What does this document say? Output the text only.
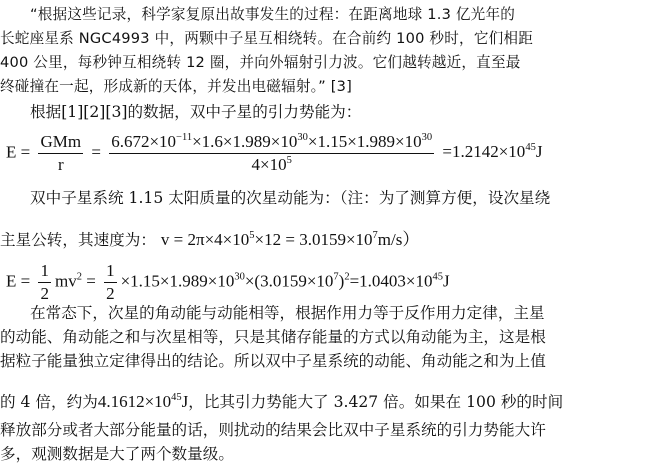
“根据这些记录，科学家复原出故事发生的过程：在距离地球 1.3 亿光年的
长蛇座星系 NGC4993 中，两颗中子星互相绕转。在合前约 100 秒时，它们相距
400 公里，每秒钟互相绕转 12 圈，并向外辐射引力波。它们越转越近，直至最
终碰撞在一起，形成新的天体，并发出电磁辐射。” [3]
根据[1][2][3]的数据，双中子星的引力势能为：
$E = \frac{\text{GMm}}{r} = \frac{6.672\times 10^{-11}\times 1.6\times 1.989\times 10^{30}\times 1.15\times 1.989\times 10^{30}}{4\times 10^5} =1.2142\times 10^{45}J$
双中子星系统 1.15 太阳质量的次星动能为：（注：为了测算方便，设次星绕
主星公转，其速度为： $v = 2\pi\times 4\times 10^5\times 12 = 3.0159\times 10^7m/s$）
$E = \frac{1}{2} mv^2 = \frac{1}{2} \times 1.15\times 1.989\times 10^{30}\times(3.0159\times 10^7)^2=1.0403\times 10^{45}J$
在常态下，次星的角动能与动能相等，根据作用力等于反作用力定律，主星
的动能、角动能之和与次星相等，只是其储存能量的方式以角动能为主，这是根
据粒子能量独立定律得出的结论。所以双中子星系统的动能、角动能之和为上值
的 4 倍，约为$4.1612\times 10^{45}J$，比其引力势能大了 3.427 倍。如果在 100 秒的时间
释放部分或者大部分能量的话，则扰动的结果会比双中子星系统的引力势能大许
多，观测数据是大了两个数量级。
